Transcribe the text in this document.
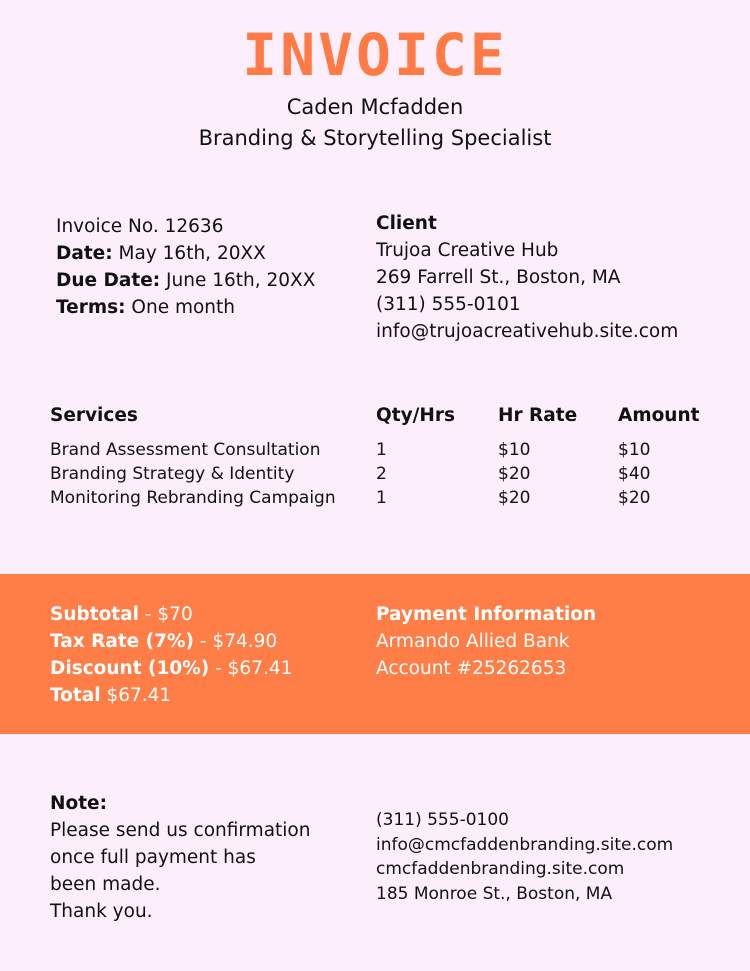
INVOICE
Caden Mcfadden
Branding & Storytelling Specialist
Invoice No. 12636
Date: May 16th, 20XX
Due Date: June 16th, 20XX
Terms: One month
Client
Trujoa Creative Hub
269 Farrell St., Boston, MA
(311) 555-0101
info@trujoacreativehub.site.com
Services
Brand Assessment Consultation
Branding Strategy & Identity
Monitoring Rebranding Campaign
Qty/Hrs
1
2
1
Hr Rate
$10
$20
$20
Amount
$10
$40
$20
Subtotal - $70
Tax Rate (7%) - $74.90
Discount (10%) - $67.41
Total $67.41
Payment Information
Armando Allied Bank
Account #25262653
Note:
Please send us confirmation
once full payment has
been made.
Thank you.
(311) 555-0100
info@cmcfaddenbranding.site.com
cmcfaddenbranding.site.com
185 Monroe St., Boston, MA
